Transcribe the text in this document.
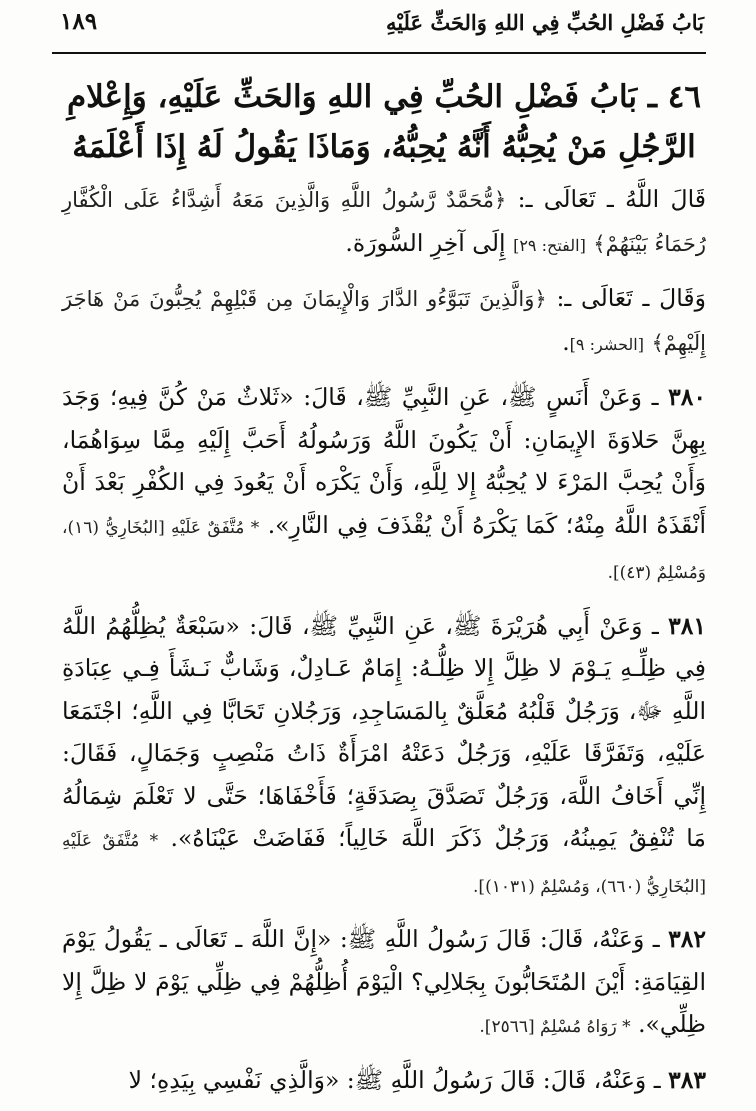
١٨٩	بَابُ فَضْلِ الحُبِّ فِي اللهِ وَالحَثِّ عَلَيْهِ
٤٦ ـ بَابُ فَضْلِ الحُبِّ فِي اللهِ وَالحَثِّ عَلَيْهِ، وَإِعْلامِ الرَّجُلِ مَنْ يُحِبُّهُ أَنَّهُ يُحِبُّهُ، وَمَاذَا يَقُولُ لَهُ إِذَا أَعْلَمَهُ

قَالَ اللَّهُ ـ تَعَالَى ـ: ﴿مُّحَمَّدٌ رَّسُولُ اللَّهِ وَالَّذِينَ مَعَهُ أَشِدَّاءُ عَلَى الْكُفَّارِ رُحَمَاءُ بَيْنَهُمْ﴾ [الفتح: ٢٩] إِلَى آخِرِ السُّورَة.

وَقَالَ ـ تَعَالَى ـ: ﴿وَالَّذِينَ تَبَوَّءُو الدَّارَ وَالْإِيمَانَ مِن قَبْلِهِمْ يُحِبُّونَ مَنْ هَاجَرَ إِلَيْهِمْ﴾ [الحشر: ٩].

٣٨٠ ـ وَعَنْ أَنَسٍ ﷺ، عَنِ النَّبِيِّ ﷺ، قَالَ: «ثَلاثٌ مَنْ كُنَّ فِيهِ؛ وَجَدَ بِهِنَّ حَلاوَةَ الإِيمَانِ: أَنْ يَكُونَ اللَّهُ وَرَسُولُهُ أَحَبَّ إِلَيْهِ مِمَّا سِوَاهُمَا، وَأَنْ يُحِبَّ المَرْءَ لا يُحِبُّهُ إِلا لِلَّهِ، وَأَنْ يَكْرَه أَنْ يَعُودَ فِي الكُفْرِ بَعْدَ أَنْ أَنْقَذَهُ اللَّهُ مِنْهُ؛ كَمَا يَكْرَهُ أَنْ يُقْذَفَ فِي النَّارِ». * مُتَّفَقٌ عَلَيْهِ [البُخَارِيُّ (١٦)، وَمُسْلِمٌ (٤٣)].

٣٨١ ـ وَعَنْ أَبِي هُرَيْرَةَ ﷺ، عَنِ النَّبِيِّ ﷺ، قَالَ: «سَبْعَةٌ يُظِلُّهُمُ اللَّهُ فِي ظِلِّـهِ يَـوْمَ لا ظِلَّ إِلا ظِلُّـهُ: إِمَامٌ عَـادِلٌ، وَشَابٌّ نَـشَأَ فِـي عِبَادَةِ اللَّهِ ﷻ، وَرَجُلٌ قَلْبُهُ مُعَلَّقٌ بِالمَسَاجِدِ، وَرَجُلانِ تَحَابَّا فِي اللَّهِ؛ اجْتَمَعَا عَلَيْهِ، وَتَفَرَّقَا عَلَيْهِ، وَرَجُلٌ دَعَتْهُ امْرَأَةٌ ذَاتُ مَنْصِبٍ وَجَمَالٍ، فَقَالَ: إِنِّي أَخَافُ اللَّهَ، وَرَجُلٌ تَصَدَّقَ بِصَدَقَةٍ؛ فَأَخْفَاهَا؛ حَتَّى لا تَعْلَمَ شِمَالُهُ مَا تُنْفِقُ يَمِينُهُ، وَرَجُلٌ ذَكَرَ اللَّهَ خَالِياً؛ فَفَاضَتْ عَيْنَاهُ». * مُتَّفَقٌ عَلَيْهِ [البُخَارِيُّ (٦٦٠)، وَمُسْلِمٌ (١٠٣١)].

٣٨٢ ـ وَعَنْهُ، قَالَ: قَالَ رَسُولُ اللَّهِ ﷺ: «إِنَّ اللَّهَ ـ تَعَالَى ـ يَقُولُ يَوْمَ القِيَامَةِ: أَيْنَ المُتَحَابُّونَ بِجَلالِي؟ الْيَوْمَ أُظِلُّهُمْ فِي ظِلِّي يَوْمَ لا ظِلَّ إِلا ظِلِّي». * رَوَاهُ مُسْلِمٌ [٢٥٦٦].

٣٨٣ ـ وَعَنْهُ، قَالَ: قَالَ رَسُولُ اللَّهِ ﷺ: «وَالَّذِي نَفْسِي بِيَدِهِ؛ لا
